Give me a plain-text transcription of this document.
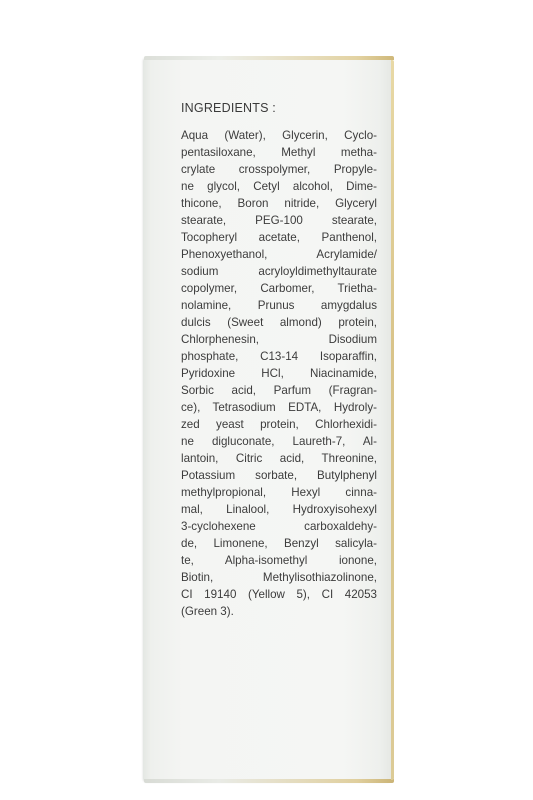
INGREDIENTS :
Aqua (Water), Glycerin, Cyclo-
pentasiloxane, Methyl metha-
crylate crosspolymer, Propyle-
ne glycol, Cetyl alcohol, Dime-
thicone, Boron nitride, Glyceryl
stearate, PEG-100 stearate,
Tocopheryl acetate, Panthenol,
Phenoxyethanol, Acrylamide/
sodium acryloyldimethyltaurate
copolymer, Carbomer, Trietha-
nolamine, Prunus amygdalus
dulcis (Sweet almond) protein,
Chlorphenesin, Disodium
phosphate, C13-14 Isoparaffin,
Pyridoxine HCl, Niacinamide,
Sorbic acid, Parfum (Fragran-
ce), Tetrasodium EDTA, Hydroly-
zed yeast protein, Chlorhexidi-
ne digluconate, Laureth-7, Al-
lantoin, Citric acid, Threonine,
Potassium sorbate, Butylphenyl
methylpropional, Hexyl cinna-
mal, Linalool, Hydroxyisohexyl
3-cyclohexene carboxaldehy-
de, Limonene, Benzyl salicyla-
te, Alpha-isomethyl ionone,
Biotin, Methylisothiazolinone,
CI 19140 (Yellow 5), CI 42053
(Green 3).
